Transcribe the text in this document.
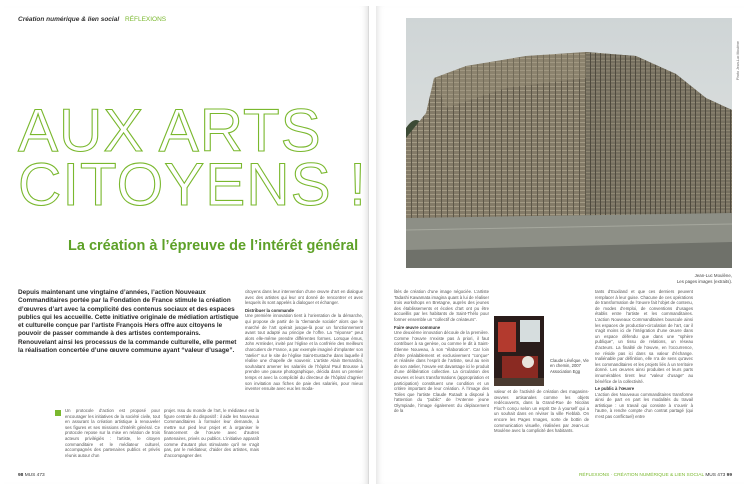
Création numérique & lien social RÉFLEXIONS
AUX ARTS
CITOYENS !
La création à l’épreuve de l’intérêt général

Depuis maintenant une vingtaine d’années, l’action Nouveaux Commanditaires portée par la Fondation de France stimule la création d’œuvres d’art avec la complicité des contenus sociaux et des espaces publics qui les accueille. Cette initiative originale de médiation artistique et culturelle conçue par l’artiste François Hers offre aux citoyens le pouvoir de passer commande à des artistes contemporains. Renouvelant ainsi les processus de la commande culturelle, elle permet la réalisation concertée d’une œuvre commune ayant “valeur d’usage”.

citoyens dans leur intervention d’une œuvre d’art en dialogue avec des artistes qui leur ont donné de rencontrer et avec lesquels ils sont appelés à dialoguer et échanger.
Distribuer la commande
Une première innovation tient à l’orientation de la démarche, qui propose de partir de la “demande sociale” alors que le marché de l’art opérait jusque-là pour un fonctionnement avant tout adapté au principe de l’offre. La “réponse” peut alors elle-même prendre différentes formes. Lorsque émus, John Armleder, invité par l’église et la confrérie des meilleurs charcutiers de France, a par exemple imaginé d’implanter son “atelier” sur le site de l’église Saint-Eustache dans laquelle il réalise une chapelle de souvenir. L’artiste Alain Bernardini, souhaitant amener les salariés de l’hôpital Paul Brousse à prendre une pause photographique, décida dans un premier temps et avec la complicité du directeur de l’hôpital d’agréer son invitation aux fiches de paie des salariés, pour mieux inventer ensuite avec eux les moda-
Un protocole d’action est proposé pour encourager les initiatives de la société civile, tout en assurant la création artistique à renouveler ses figures et ses missions d’intérêt général. Ce protocole repose sur la mise en relation de trois acteurs privilégiés : l’artiste, le citoyen commanditaire et le médiateur culturel, accompagnés des partenaires publics et privés réunis autour d’un
projet. Issu du monde de l’art, le médiateur est la figure centrale du dispositif : il aide les Nouveaux Commanditaires à formuler leur demande, à mettre sur pied leur projet et à organiser le financement de l’œuvre avec d’autres partenaires, privés ou publics. L’initiative apparaît comme d’autant plus stimulante qu’il ne s’agit pas, par le médiateur, d’aider des artistes, mais d’accompagner des
98 MUS 473
›
Photo Jean-Luc Moulène
Jean-Luc Moulène,
Les pages images (extraits).
lités de création d’une image négociée. L’artiste Tadashi Kawamata imagina quant à lui de réaliser trois workshops en Bretagne, auprès des jeunes des établissements et écoles d’art ont pu être accueillis par les habitants de Saint-Thélo pour former ensemble un “collectif de créateurs”.
Faire œuvre commune
Une deuxième innovation découle de la première. Comme l’œuvre n’existe pas à priori, il faut contribuer à sa genèse, ou comme le dit à Saint-Étienne Nouveau, à son “élaboration”. Car loin d’être préalablement et exclusivement “conçue” et réalisée dans l’esprit de l’artiste, seul au sein de son atelier, l’œuvre est davantage ici le produit d’une délibération collective. La circulation des œuvres et leurs transformations (appropriation et participation) constituent une condition et un critère important de leur création. À l’image des Toiles que l’artiste Claude Rutault a disposé à l’attention du “public” de l’Antenne jeune Olympiade, l’image également du déplacement de la
Claude Lévêque, Vie en chemin, 2007 Association Egg
valeur et de l’activité de création des magasins-œuvres artisanales comme les objets redécouverts, dans la Grand-Rue de Nicolas Floc’h conçu selon un esprit De à yourself qui a un souhait dans en réviser la ville Fieblab. On encore les Pages Images, sorte de bottin de communication visuelle, réalisées par Jean-Luc Moulène avec la complicité des habitants.
tants d’Euxiland et que ces derniers peuvent remplacer à leur guise. Chacune de ces opérations de transformation de l’œuvre fait l’objet de contenu, de modes d’emploi, de conventions d’usages établis entre l’artiste et les commanditaires. L’action Nouveaux Commanditaires bouscule ainsi les espaces de production-circulation de l’art, car il s’agit moins ici de l’intégration d’une œuvre dans un espace défendu que dans une “sphère publique”, un tissu de relations, un réseau d’acteurs. La finalité de l’œuvre, en l’occurrence, ne réside pas ici dans sa valeur d’échange. Inaliénable par définition, elle n’a de sens qu’avec les commanditaires et les projets liés à un territoire donné. Les œuvres ainsi produites et leurs parts innumérables tirent leur “valeur d’usage” au bénéfice de la collectivité.
Le public à l’œuvre
L’action des Nouveaux commanditaires transforme ainsi de part en part les modalités du travail artistique : un travail qui consiste à s’ouvrir à l’autre, à rendre compte d’un contrat partagé (qui n’est pas conflictuel) entre
RÉFLEXIONS · CRÉATION NUMÉRIQUE & LIEN SOCIAL MUS 473 99
